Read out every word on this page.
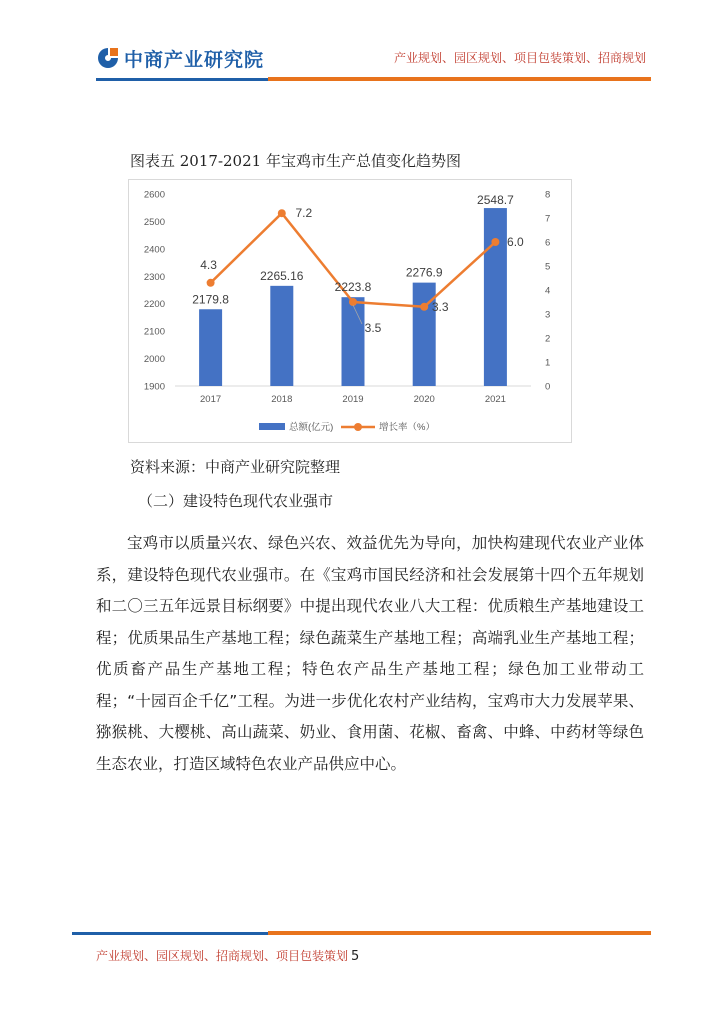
中商产业研究院	产业规划、园区规划、项目包装策划、招商规划
图表五 2017-2021 年宝鸡市生产总值变化趋势图
1900
2000
2100
2200
2300
2400
2500
2600
0
1
2
3
4
5
6
7
8
2017	2018	2019	2020	2021
2179.8
2265.16
2223.8
2276.9
2548.7
4.3
7.2
3.5
3.3
6.0
总额(亿元)	增长率（%）
资料来源：中商产业研究院整理
（二）建设特色现代农业强市

宝鸡市以质量兴农、绿色兴农、效益优先为导向，加快构建现代农业产业体系，建设特色现代农业强市。在《宝鸡市国民经济和社会发展第十四个五年规划和二〇三五年远景目标纲要》中提出现代农业八大工程：优质粮生产基地建设工程；优质果品生产基地工程；绿色蔬菜生产基地工程；高端乳业生产基地工程；优质畜产品生产基地工程；特色农产品生产基地工程；绿色加工业带动工程；“十园百企千亿”工程。为进一步优化农村产业结构，宝鸡市大力发展苹果、猕猴桃、大樱桃、高山蔬菜、奶业、食用菌、花椒、畜禽、中蜂、中药材等绿色生态农业，打造区域特色农业产品供应中心。

产业规划、园区规划、招商规划、项目包装策划 5
